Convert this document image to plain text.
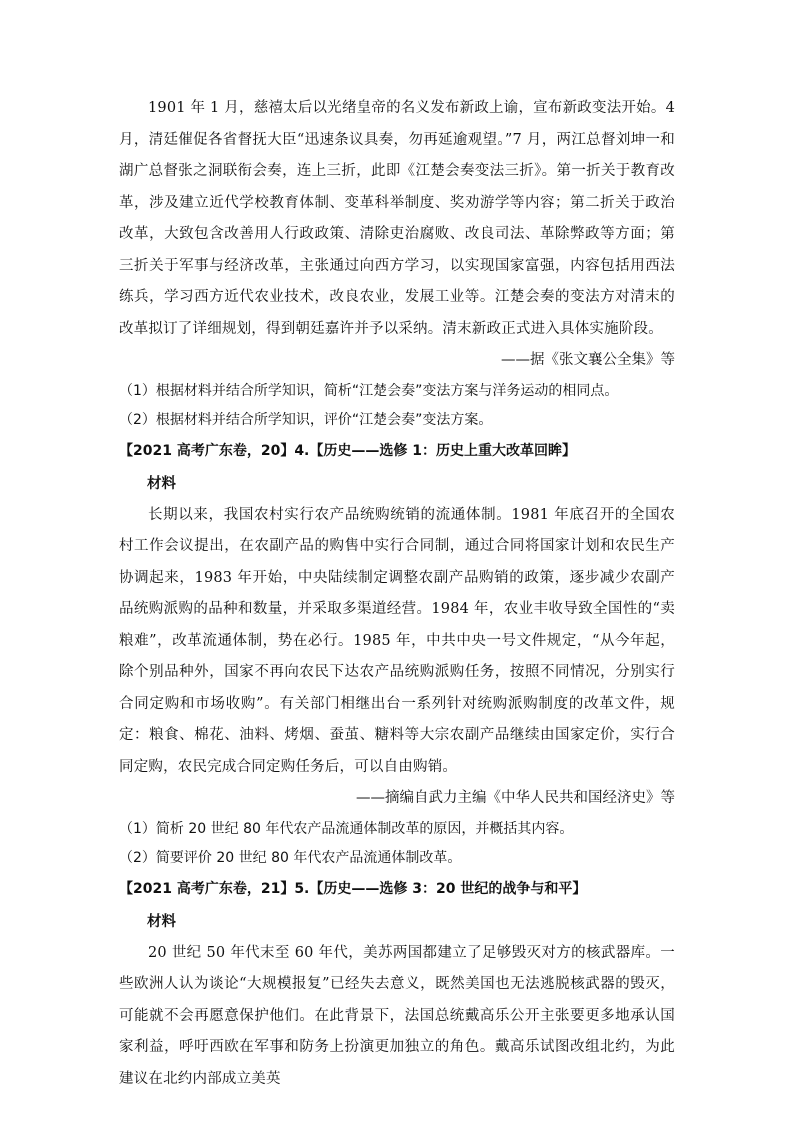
1901 年 1 月，慈禧太后以光绪皇帝的名义发布新政上谕，宣布新政变法开始。4 月，清廷催促各省督抚大臣“迅速条议具奏，勿再延逾观望。”7 月，两江总督刘坤一和湖广总督张之洞联衔会奏，连上三折，此即《江楚会奏变法三折》。第一折关于教育改革，涉及建立近代学校教育体制、变革科举制度、奖劝游学等内容；第二折关于政治改革，大致包含改善用人行政政策、清除吏治腐败、改良司法、革除弊政等方面；第三折关于军事与经济改革，主张通过向西方学习，以实现国家富强，内容包括用西法练兵，学习西方近代农业技术，改良农业，发展工业等。江楚会奏的变法方对清末的改革拟订了详细规划，得到朝廷嘉许并予以采纳。清末新政正式进入具体实施阶段。

——据《张文襄公全集》等

（1）根据材料并结合所学知识，简析“江楚会奏”变法方案与洋务运动的相同点。

（2）根据材料并结合所学知识，评价“江楚会奏”变法方案。

【2021 高考广东卷，20】4.【历史——选修 1：历史上重大改革回眸】

材料

长期以来，我国农村实行农产品统购统销的流通体制。1981 年底召开的全国农村工作会议提出，在农副产品的购售中实行合同制，通过合同将国家计划和农民生产协调起来，1983 年开始，中央陆续制定调整农副产品购销的政策，逐步减少农副产品统购派购的品种和数量，并采取多渠道经营。1984 年，农业丰收导致全国性的“卖粮难”，改革流通体制，势在必行。1985 年，中共中央一号文件规定，“从今年起，除个别品种外，国家不再向农民下达农产品统购派购任务，按照不同情况，分别实行合同定购和市场收购”。有关部门相继出台一系列针对统购派购制度的改革文件，规定：粮食、棉花、油料、烤烟、蚕茧、糖料等大宗农副产品继续由国家定价，实行合同定购，农民完成合同定购任务后，可以自由购销。

——摘编自武力主编《中华人民共和国经济史》等

（1）简析 20 世纪 80 年代农产品流通体制改革的原因，并概括其内容。

（2）简要评价 20 世纪 80 年代农产品流通体制改革。

【2021 高考广东卷，21】5.【历史——选修 3：20 世纪的战争与和平】

材料

20 世纪 50 年代末至 60 年代，美苏两国都建立了足够毁灭对方的核武器库。一些欧洲人认为谈论“大规模报复”已经失去意义，既然美国也无法逃脱核武器的毁灭，可能就不会再愿意保护他们。在此背景下，法国总统戴高乐公开主张要更多地承认国家利益，呼吁西欧在军事和防务上扮演更加独立的角色。戴高乐试图改组北约，为此建议在北约内部成立美英
